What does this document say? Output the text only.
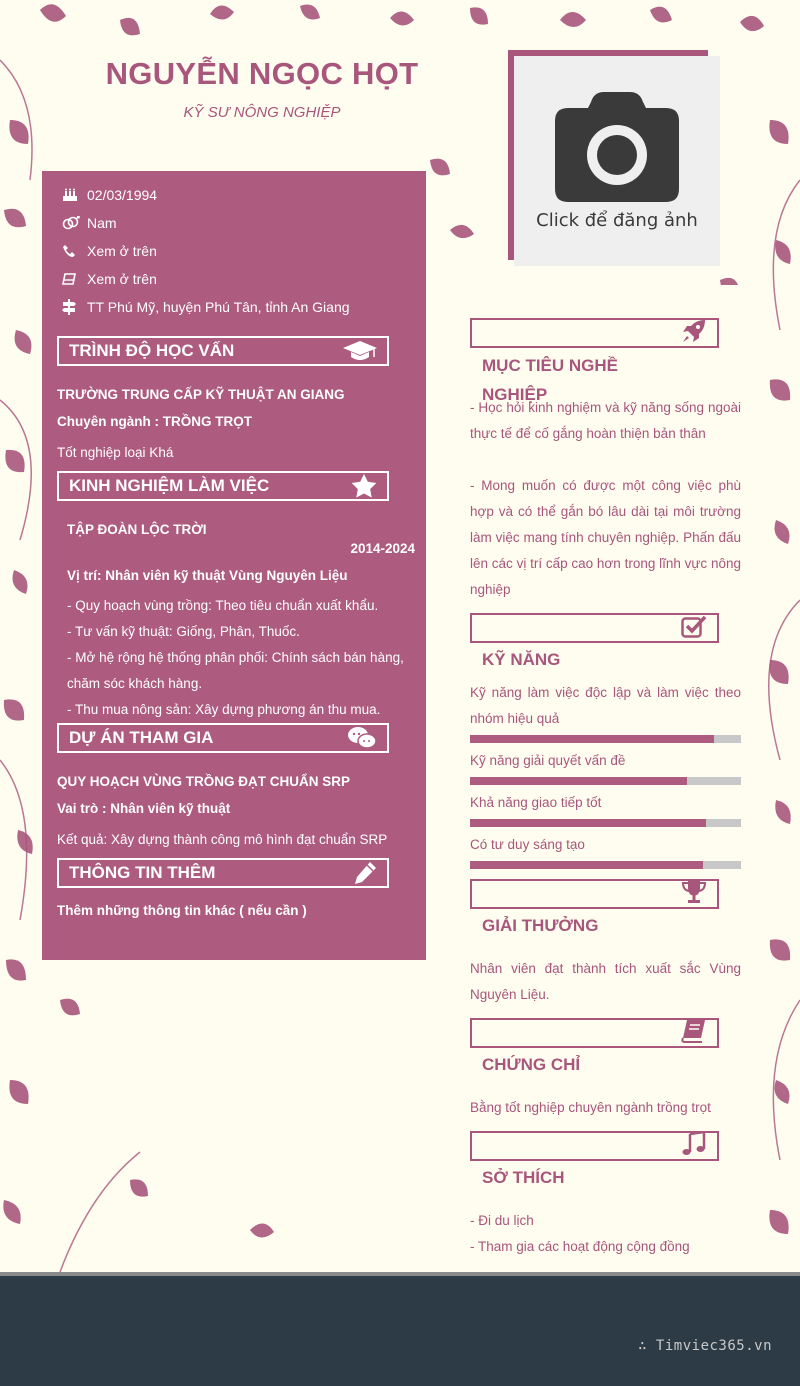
NGUYỄN NGỌC HỌT
KỸ SƯ NÔNG NGHIỆP
Click để đăng ảnh
02/03/1994
Nam
Xem ở trên
Xem ở trên
TT Phú Mỹ, huyện Phú Tân, tỉnh An Giang
TRÌNH ĐỘ HỌC VẤN
TRƯỜNG TRUNG CẤP KỸ THUẬT AN GIANG
Chuyên ngành : TRỒNG TRỌT
Tốt nghiệp loại Khá
KINH NGHIỆM LÀM VIỆC
TẬP ĐOÀN LỘC TRỜI
2014-2024
Vị trí: Nhân viên kỹ thuật Vùng Nguyên Liệu
- Quy hoạch vùng trồng: Theo tiêu chuẩn xuất khẩu.
- Tư vấn kỹ thuật: Giống, Phân, Thuốc.
- Mở hệ rộng hệ thống phân phối: Chính sách bán hàng,
chăm sóc khách hàng.
- Thu mua nông sản: Xây dựng phương án thu mua.
DỰ ÁN THAM GIA
QUY HOẠCH VÙNG TRỒNG ĐẠT CHUẨN SRP
Vai trò : Nhân viên kỹ thuật
Kết quả: Xây dựng thành công mô hình đạt chuẩn SRP
THÔNG TIN THÊM
Thêm những thông tin khác ( nếu cần )
MỤC TIÊU NGHỀ NGHIỆP
- Học hỏi kinh nghiệm và kỹ năng sống ngoài thực tế để cố gắng hoàn thiện bản thân
- Mong muốn có được một công việc phù hợp và có thể gắn bó lâu dài tại môi trường làm việc mang tính chuyên nghiệp. Phấn đấu lên các vị trí cấp cao hơn trong lĩnh vực nông nghiệp
KỸ NĂNG
Kỹ năng làm việc độc lập và làm việc theo nhóm hiệu quả
Kỹ năng giải quyết vấn đề
Khả năng giao tiếp tốt
Có tư duy sáng tạo
GIẢI THƯỞNG
Nhân viên đạt thành tích xuất sắc Vùng Nguyên Liệu.
CHỨNG CHỈ
Bằng tốt nghiệp chuyên ngành trồng trọt
SỞ THÍCH
- Đi du lịch
- Tham gia các hoạt động cộng đồng
∴ Timviec365.vn
